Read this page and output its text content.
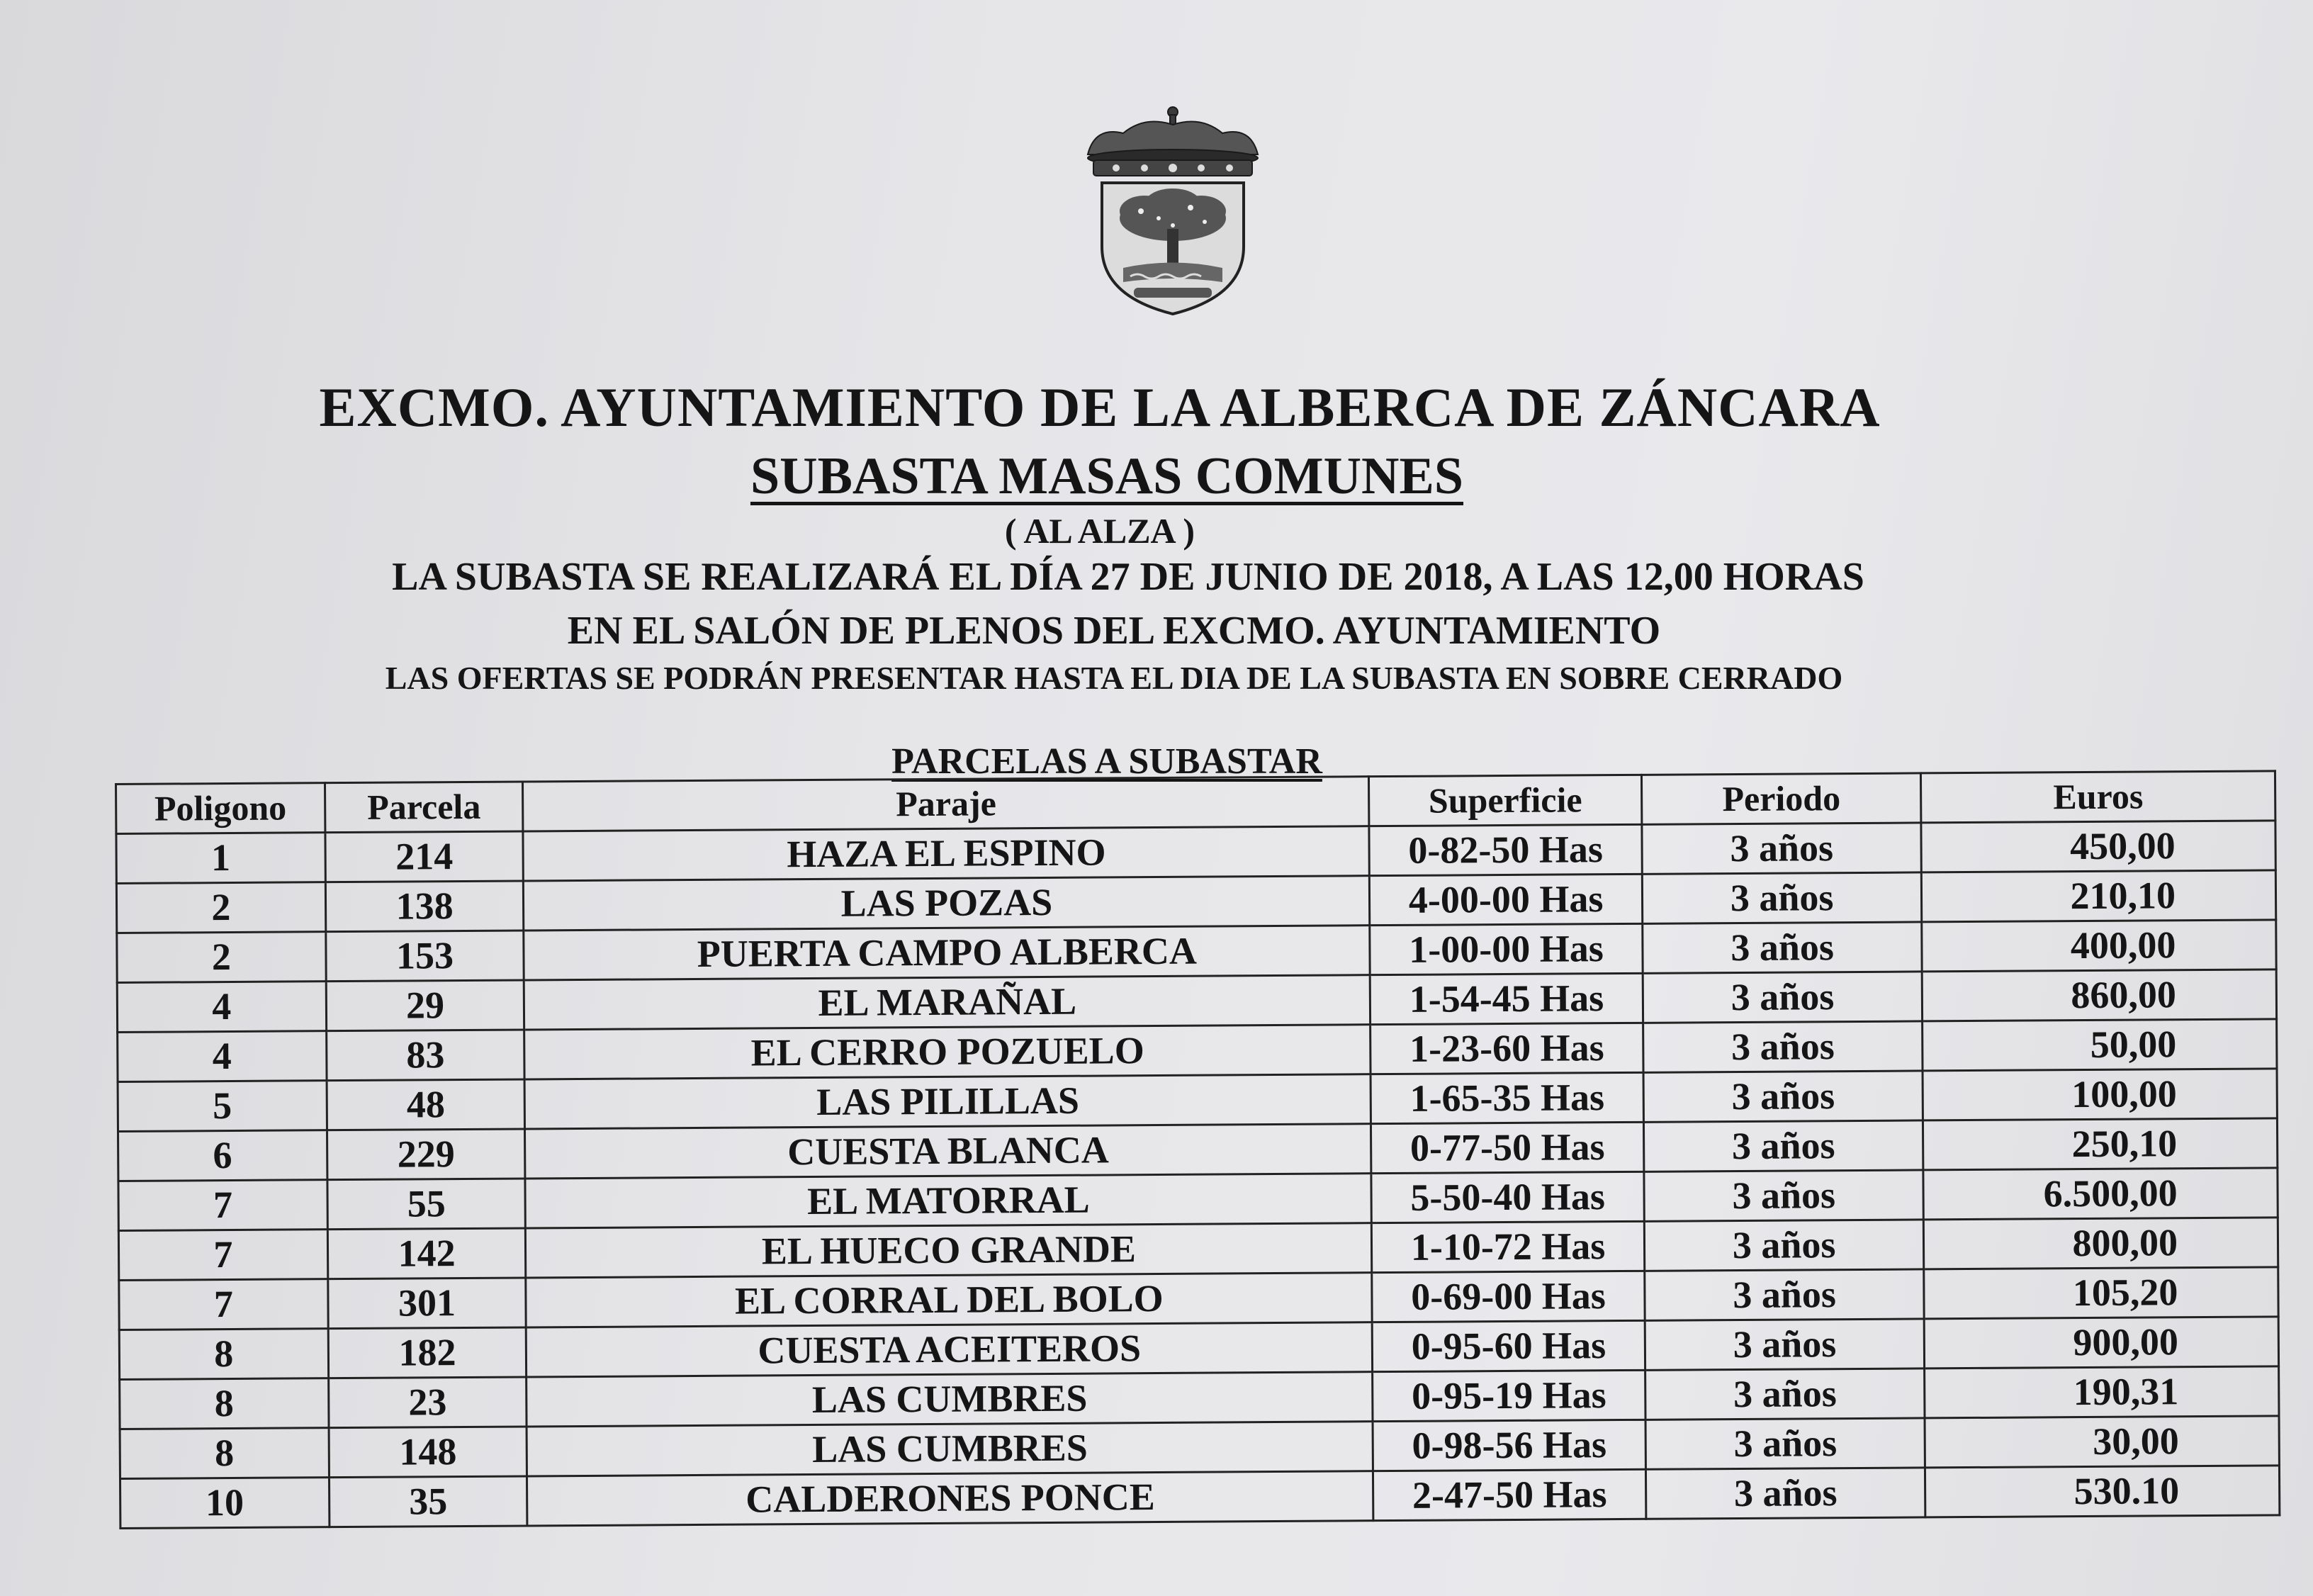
EXCMO. AYUNTAMIENTO DE LA ALBERCA DE ZÁNCARA
SUBASTA MASAS COMUNES
( AL ALZA )
LA SUBASTA SE REALIZARÁ EL DÍA 27 DE JUNIO DE 2018, A LAS 12,00 HORAS
EN EL SALÓN DE PLENOS DEL EXCMO. AYUNTAMIENTO
LAS OFERTAS SE PODRÁN PRESENTAR HASTA EL DIA DE LA SUBASTA EN SOBRE CERRADO
PARCELAS A SUBASTAR
Poligono	Parcela	Paraje	Superficie	Periodo	Euros
1	214	HAZA EL ESPINO	0-82-50 Has	3 años	450,00
2	138	LAS POZAS	4-00-00 Has	3 años	210,10
2	153	PUERTA CAMPO ALBERCA	1-00-00 Has	3 años	400,00
4	29	EL MARAÑAL	1-54-45 Has	3 años	860,00
4	83	EL CERRO POZUELO	1-23-60 Has	3 años	50,00
5	48	LAS PILILLAS	1-65-35 Has	3 años	100,00
6	229	CUESTA BLANCA	0-77-50 Has	3 años	250,10
7	55	EL MATORRAL	5-50-40 Has	3 años	6.500,00
7	142	EL HUECO GRANDE	1-10-72 Has	3 años	800,00
7	301	EL CORRAL DEL BOLO	0-69-00 Has	3 años	105,20
8	182	CUESTA ACEITEROS	0-95-60 Has	3 años	900,00
8	23	LAS CUMBRES	0-95-19 Has	3 años	190,31
8	148	LAS CUMBRES	0-98-56 Has	3 años	30,00
10	35	CALDERONES PONCE	2-47-50 Has	3 años	530.10
